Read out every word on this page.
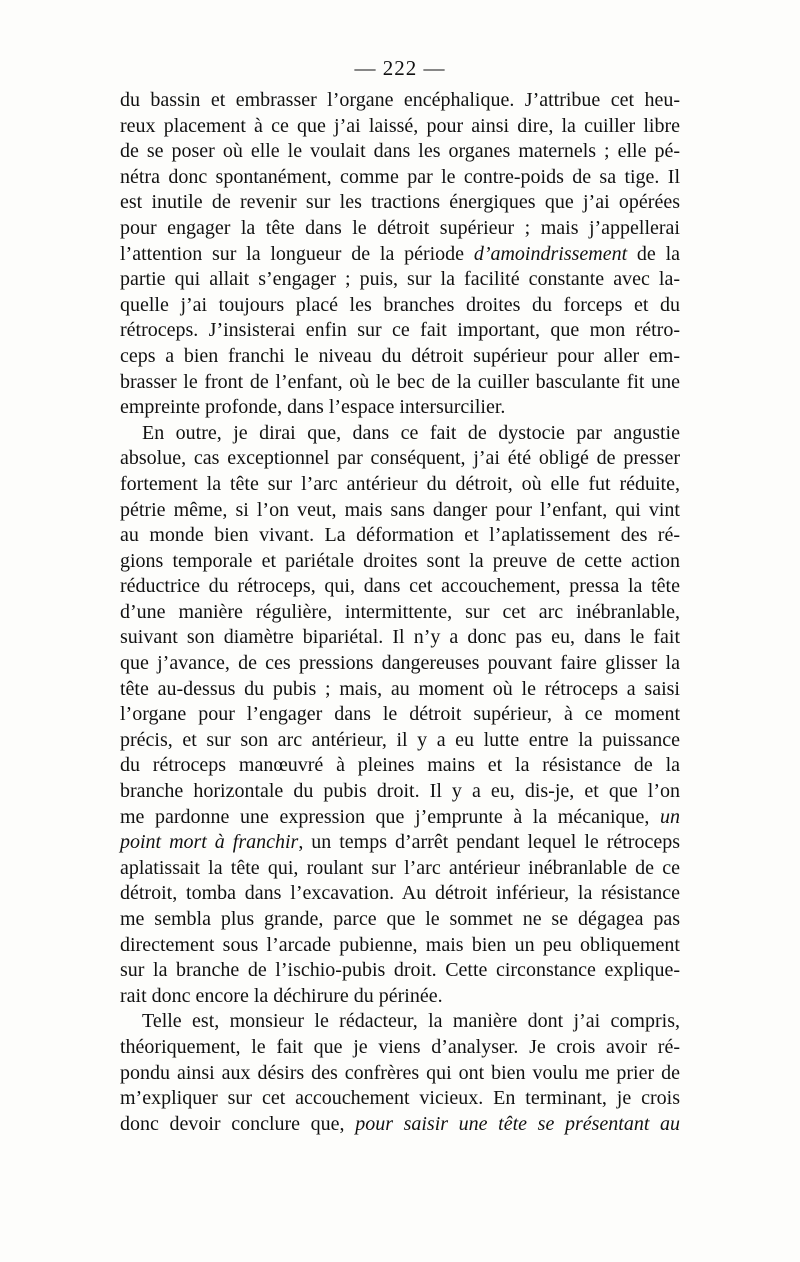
— 222 —
du bassin et embrasser l’organe encéphalique. J’attribue cet heu-
reux placement à ce que j’ai laissé, pour ainsi dire, la cuiller libre
de se poser où elle le voulait dans les organes maternels ; elle pé-
nétra donc spontanément, comme par le contre-poids de sa tige. Il
est inutile de revenir sur les tractions énergiques que j’ai opérées
pour engager la tête dans le détroit supérieur ; mais j’appellerai
l’attention sur la longueur de la période d’amoindrissement de la
partie qui allait s’engager ; puis, sur la facilité constante avec la-
quelle j’ai toujours placé les branches droites du forceps et du
rétroceps. J’insisterai enfin sur ce fait important, que mon rétro-
ceps a bien franchi le niveau du détroit supérieur pour aller em-
brasser le front de l’enfant, où le bec de la cuiller basculante fit une
empreinte profonde, dans l’espace intersurcilier.
En outre, je dirai que, dans ce fait de dystocie par angustie
absolue, cas exceptionnel par conséquent, j’ai été obligé de presser
fortement la tête sur l’arc antérieur du détroit, où elle fut réduite,
pétrie même, si l’on veut, mais sans danger pour l’enfant, qui vint
au monde bien vivant. La déformation et l’aplatissement des ré-
gions temporale et pariétale droites sont la preuve de cette action
réductrice du rétroceps, qui, dans cet accouchement, pressa la tête
d’une manière régulière, intermittente, sur cet arc inébranlable,
suivant son diamètre bipariétal. Il n’y a donc pas eu, dans le fait
que j’avance, de ces pressions dangereuses pouvant faire glisser la
tête au-dessus du pubis ; mais, au moment où le rétroceps a saisi
l’organe pour l’engager dans le détroit supérieur, à ce moment
précis, et sur son arc antérieur, il y a eu lutte entre la puissance
du rétroceps manœuvré à pleines mains et la résistance de la
branche horizontale du pubis droit. Il y a eu, dis-je, et que l’on
me pardonne une expression que j’emprunte à la mécanique, un
point mort à franchir, un temps d’arrêt pendant lequel le rétroceps
aplatissait la tête qui, roulant sur l’arc antérieur inébranlable de ce
détroit, tomba dans l’excavation. Au détroit inférieur, la résistance
me sembla plus grande, parce que le sommet ne se dégagea pas
directement sous l’arcade pubienne, mais bien un peu obliquement
sur la branche de l’ischio-pubis droit. Cette circonstance explique-
rait donc encore la déchirure du périnée.
Telle est, monsieur le rédacteur, la manière dont j’ai compris,
théoriquement, le fait que je viens d’analyser. Je crois avoir ré-
pondu ainsi aux désirs des confrères qui ont bien voulu me prier de
m’expliquer sur cet accouchement vicieux. En terminant, je crois
donc devoir conclure que, pour saisir une tête se présentant au
